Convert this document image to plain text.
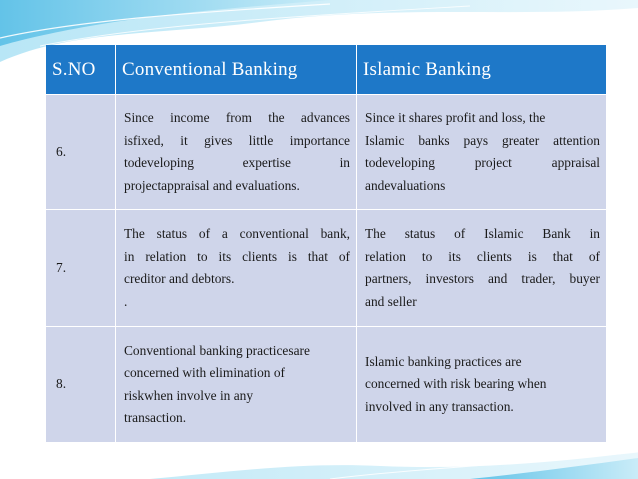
S.NO	Conventional Banking	Islamic Banking
6.	Since income from the advances
isfixed, it gives little importance
todeveloping expertise in
projectappraisal and evaluations.	Since it shares profit and loss, the
Islamic banks pays greater attention
todeveloping project appraisal
andevaluations

7.	The status of a conventional bank,
in relation to its clients is that of
creditor and debtors.
.	The status of Islamic Bank in
relation to its clients is that of
partners, investors and trader, buyer
and seller

8.	Conventional banking practicesare
concerned with elimination of
riskwhen involve in any
transaction.	Islamic banking practices are
concerned with risk bearing when
involved in any transaction.
